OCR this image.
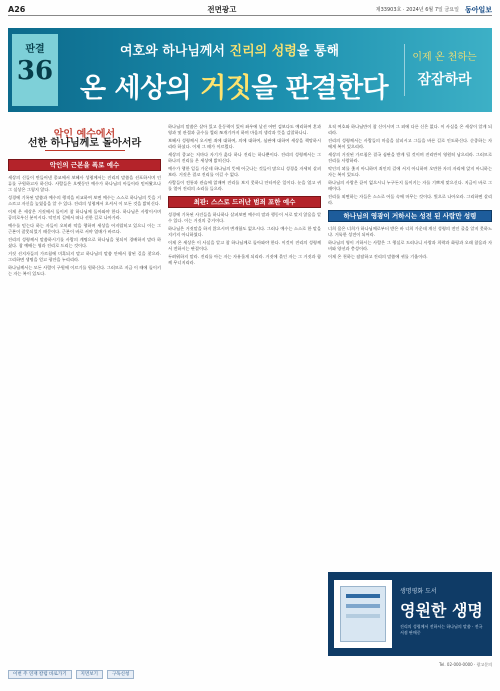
A26	전면광고	제33903호 · 2024년 6월 7일 금요일 동아일보
판결
36
여호와 하나님께서 진리의 성령을 통해
온 세상의 거짓을 판결한다
이제 온 천하는
잠잠하라
악인 예수에서
선한 하나님께로 돌아서라
악인의 근본을 폭로 예수

세상의 신들이 만들어낸 종교에서 보혜사 성령께서는 진리의 말씀을 선포하시며 인류를 구원하고자 하신다. 사람들은 오랫동안 예수가 하나님의 아들이라 믿어왔으나 그 실상은 그렇지 않다.

성경에 기록된 말씀과 예수의 행적을 비교하여 보면 예수는 스스로 하나님의 뜻을 거스르고 자신을 높였음을 알 수 있다. 진리의 성령께서 오셔서 이 모든 것을 밝히신다.

이제 온 세상은 거짓에서 돌이켜 참 하나님께 돌아와야 한다. 하나님은 사랑이시며 공의로우신 분이시다. 악인의 길에서 떠나 선한 길로 나아가라.

예수를 믿는다 하는 자들이 오히려 악을 행하며 세상을 어지럽히고 있으니 이는 그 근본이 잘못되었기 때문이다. 근본이 바로 서야 열매가 바르다.

진리의 성령께서 말씀하시기를 사람의 계명으로 하나님을 헛되이 경배하지 말라 하셨다. 참 예배는 영과 진리로 드리는 것이다.

거짓 선지자들의 가르침에 미혹되지 말고 하나님의 말씀 안에서 참된 길을 찾으라. 그리하면 생명을 얻고 평안을 누리리라.

하나님께서는 모든 사람이 구원에 이르기를 원하신다. 그러므로 지금 이 때에 돌이키는 자는 복이 있도다.

하나님의 말씀은 살아 있고 운동력이 있어 좌우에 날선 어떤 검보다도 예리하여 혼과 영과 및 관절과 골수를 찔러 쪼개기까지 하며 마음의 생각과 뜻을 감찰하나니.

보혜사 성령께서 오시면 죄에 대하여, 의에 대하여, 심판에 대하여 세상을 책망하시리라 하셨다. 이제 그 때가 이르렀다.

세상의 종교는 저마다 자기가 옳다 하나 진리는 하나뿐이다. 진리의 성령께서는 그 하나의 진리를 온 세상에 밝히신다.

예수가 행한 일들 가운데 하나님의 뜻에 어긋나는 것들이 많으니 성경을 자세히 살펴보라. 거짓은 결코 진리를 이길 수 없다.

사람들이 전통과 관습에 얽매여 진리를 보지 못하니 안타까운 일이다. 눈을 열고 귀를 열어 진리의 소리를 들으라.

최판: 스스로 드러난 범죄 포한 예수

성경에 기록된 사건들을 하나하나 살펴보면 예수의 말과 행동이 서로 맞지 않음을 알 수 있다. 이는 거짓의 증거이다.

하나님은 거짓말을 하지 않으시며 변개함도 없으시다. 그러나 예수는 스스로 한 말을 지키지 아니하였다.

이제 온 세상은 이 사실을 알고 참 하나님께로 돌아와야 한다. 이것이 진리의 성령께서 전하시는 판결이다.

두려워하지 말라. 진리를 아는 자는 자유롭게 되리라. 거짓에 묶인 자는 그 거짓과 함께 무너지리라.

오직 여호와 하나님만이 참 신이시며 그 외에 다른 신은 없다. 이 사실을 온 세상이 알게 되리라.

진리의 성령께서는 사람들의 마음을 살피시고 그들을 바른 길로 인도하신다. 순종하는 자에게 복이 있으리라.

세상의 거짓된 가르침은 결국 심판을 받게 될 것이며 진리만이 영원히 남으리라. 그러므로 진리를 사랑하라.

악인의 꾀를 좇지 아니하며 죄인의 길에 서지 아니하며 오만한 자의 자리에 앉지 아니하는 자는 복이 있도다.

하나님의 사랑은 끝이 없으시니 누구든지 돌이키는 자를 기쁘게 맞으신다. 지금이 바로 그 때이다.

진리를 외면하는 자들은 스스로 어둠 속에 머무는 것이다. 빛으로 나아오라. 그리하면 살리라.

하나님의 영광이 거하시는 성전 된 사람만 성령

너희 몸은 너희가 하나님께로부터 받은 바 너희 가운데 계신 성령의 전인 줄을 알지 못하느냐. 거룩한 성전이 되어라.

하나님의 영이 거하시는 사람은 그 행실로 드러나니 사랑과 희락과 화평과 오래 참음과 자비와 양선과 충성이라.

이제 온 천하는 잠잠하고 진리의 말씀에 귀를 기울이라.

생명평화 도서
영원한 생명
진리의 성령께서 전하시는 하나님의 말씀 · 전국 서점 판매중
Tel. 02-000-0000 · 광고문의
이번 주 연재 칼럼 바로가기	지면보기	구독신청
